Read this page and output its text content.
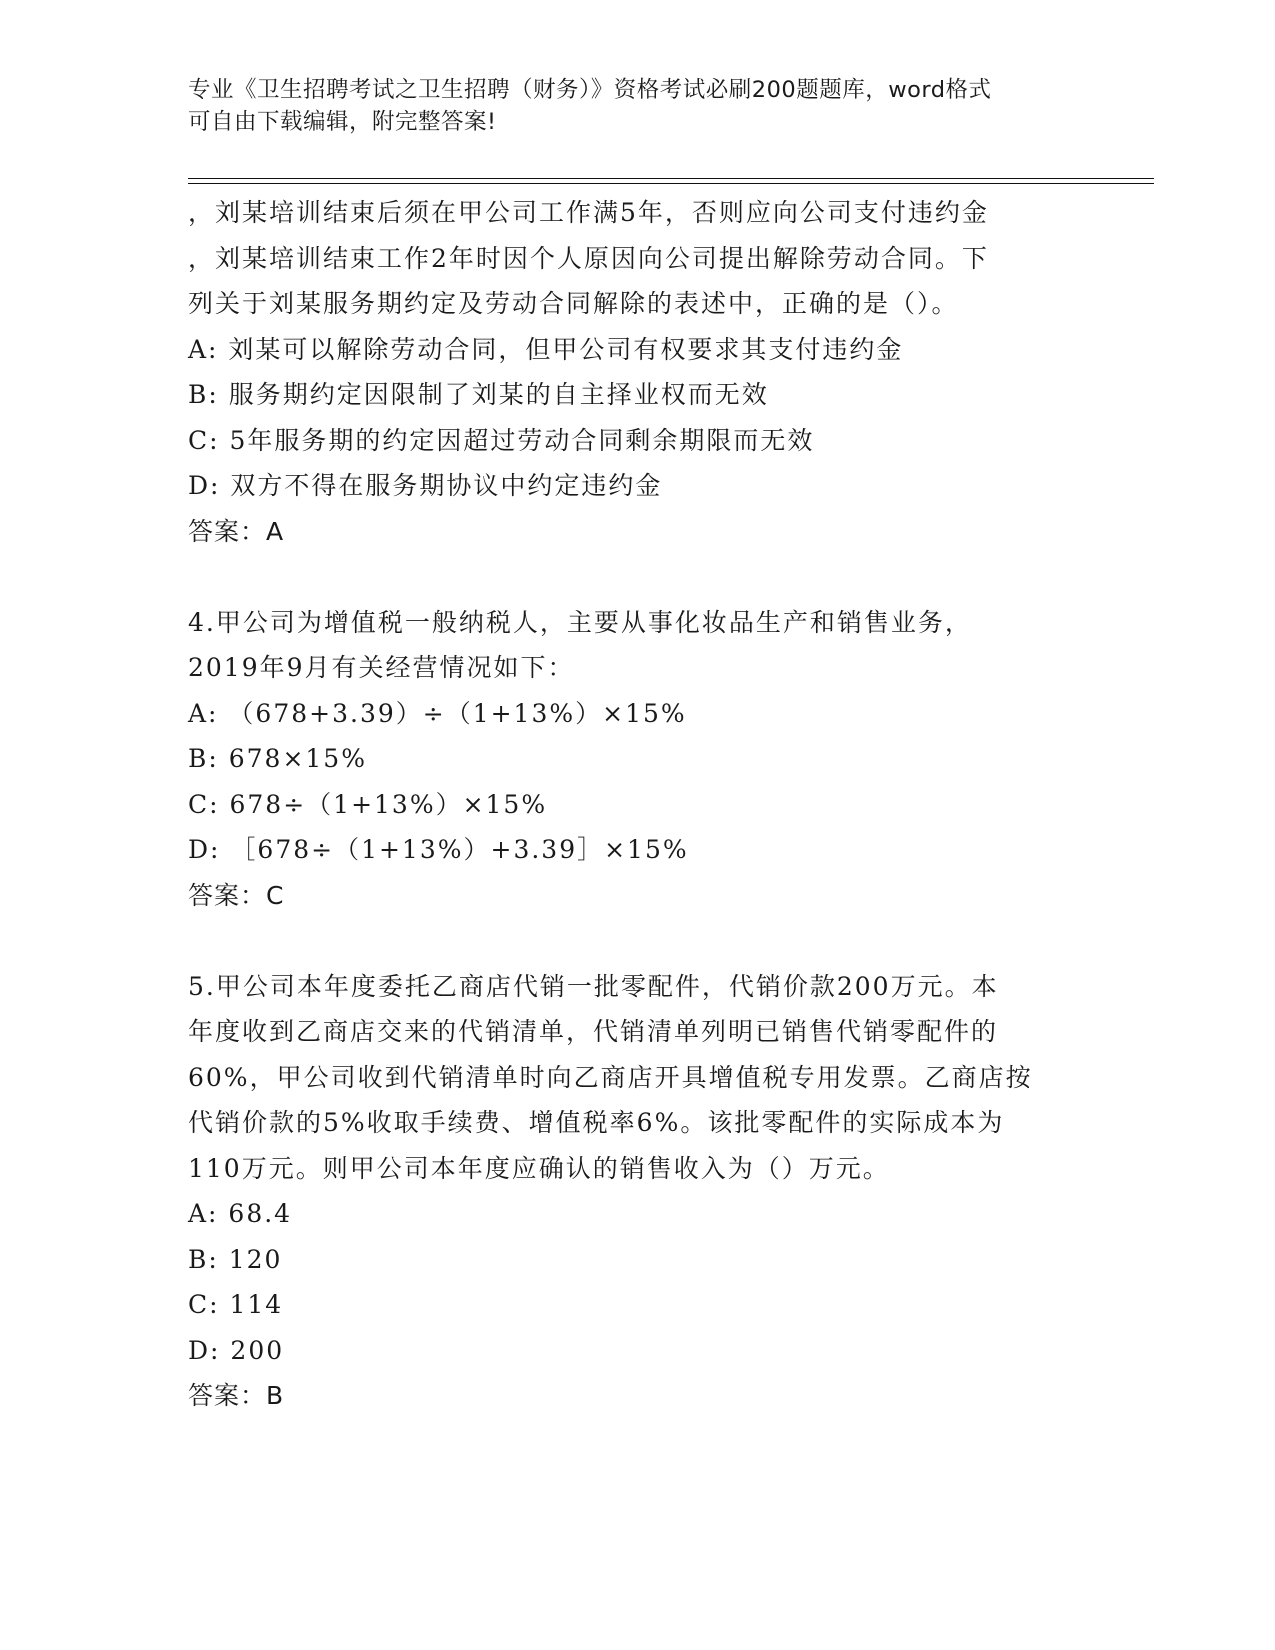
专业《卫生招聘考试之卫生招聘（财务）》资格考试必刷200题题库，word格式
可自由下载编辑，附完整答案!
，刘某培训结束后须在甲公司工作满5年，否则应向公司支付违约金
，刘某培训结束工作2年时因个人原因向公司提出解除劳动合同。下
列关于刘某服务期约定及劳动合同解除的表述中，正确的是（）。
A: 刘某可以解除劳动合同，但甲公司有权要求其支付违约金
B: 服务期约定因限制了刘某的自主择业权而无效
C: 5年服务期的约定因超过劳动合同剩余期限而无效
D: 双方不得在服务期协议中约定违约金
答案：A
4.甲公司为增值税一般纳税人，主要从事化妆品生产和销售业务，
2019年9月有关经营情况如下：
A: （678+3.39）÷（1+13%）×15%
B: 678×15%
C: 678÷（1+13%）×15%
D: ［678÷（1+13%）+3.39］×15%
答案：C
5.甲公司本年度委托乙商店代销一批零配件，代销价款200万元。本
年度收到乙商店交来的代销清单，代销清单列明已销售代销零配件的
60%，甲公司收到代销清单时向乙商店开具增值税专用发票。乙商店按
代销价款的5%收取手续费、增值税率6%。该批零配件的实际成本为
110万元。则甲公司本年度应确认的销售收入为（）万元。
A: 68.4
B: 120
C: 114
D: 200
答案：B
